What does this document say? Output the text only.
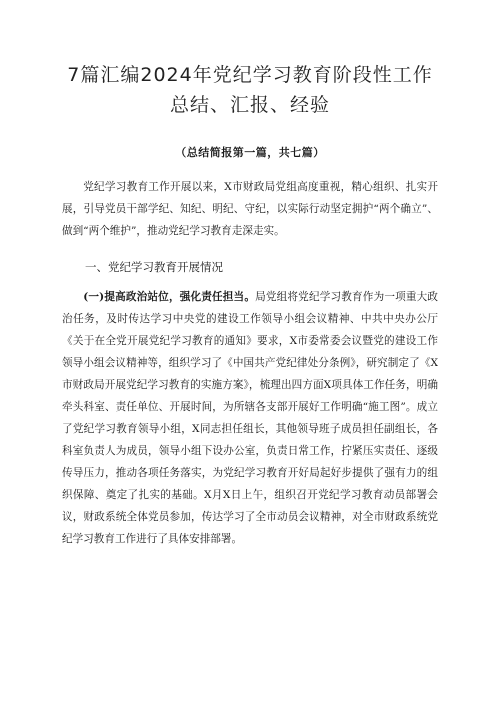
7篇汇编2024年党纪学习教育阶段性工作
总结、汇报、经验
（总结简报第一篇，共七篇）

党纪学习教育工作开展以来，X市财政局党组高度重视，精心组织、扎实开展，引导党员干部学纪、知纪、明纪、守纪，以实际行动坚定拥护“两个确立”、做到“两个维护”，推动党纪学习教育走深走实。

一、党纪学习教育开展情况

(一)提高政治站位，强化责任担当。局党组将党纪学习教育作为一项重大政治任务，及时传达学习中央党的建设工作领导小组会议精神、中共中央办公厅《关于在全党开展党纪学习教育的通知》要求，X市委常委会议暨党的建设工作领导小组会议精神等，组织学习了《中国共产党纪律处分条例》，研究制定了《X市财政局开展党纪学习教育的实施方案》，梳理出四方面X项具体工作任务，明确牵头科室、责任单位、开展时间，为所辖各支部开展好工作明确“施工图”。成立了党纪学习教育领导小组，X同志担任组长，其他领导班子成员担任副组长，各科室负责人为成员，领导小组下设办公室，负责日常工作，拧紧压实责任、逐级传导压力，推动各项任务落实，为党纪学习教育开好局起好步提供了强有力的组织保障、奠定了扎实的基础。X月X日上午，组织召开党纪学习教育动员部署会议，财政系统全体党员参加，传达学习了全市动员会议精神，对全市财政系统党纪学习教育工作进行了具体安排部署。
